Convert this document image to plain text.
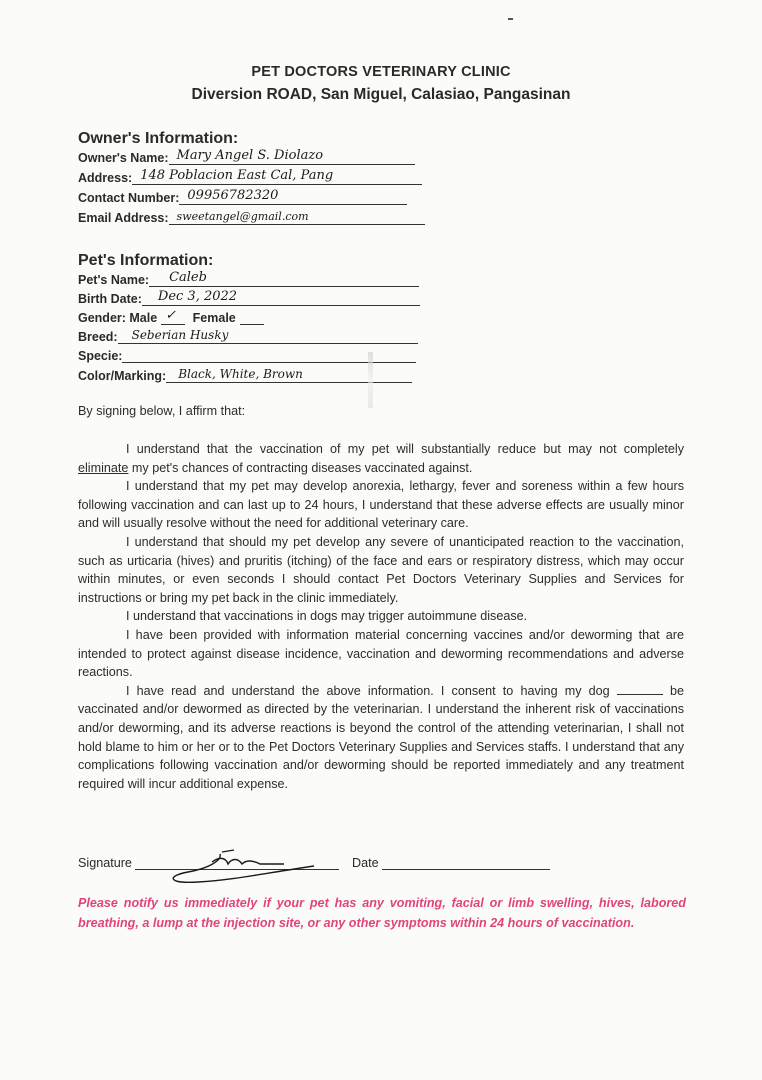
PET DOCTORS VETERINARY CLINIC
Diversion ROAD, San Miguel, Calasiao, Pangasinan
Owner's Information:
Owner's Name: Mary Angel S. Diolazo
Address: 148 Poblacion East Cal, Pang
Contact Number: 09956782320
Email Address: sweetangel@gmail.com
Pet's Information:
Pet's Name: Caleb
Birth Date: Dec 3, 2022
Gender: Male ✓ Female
Breed: Seberian Husky
Specie:
Color/Marking: Black, White, Brown

By signing below, I affirm that:

I understand that the vaccination of my pet will substantially reduce but may not completely eliminate my pet's chances of contracting diseases vaccinated against.

I understand that my pet may develop anorexia, lethargy, fever and soreness within a few hours following vaccination and can last up to 24 hours, I understand that these adverse effects are usually minor and will usually resolve without the need for additional veterinary care.

I understand that should my pet develop any severe of unanticipated reaction to the vaccination, such as urticaria (hives) and pruritis (itching) of the face and ears or respiratory distress, which may occur within minutes, or even seconds I should contact Pet Doctors Veterinary Supplies and Services for instructions or bring my pet back in the clinic immediately.

I understand that vaccinations in dogs may trigger autoimmune disease.

I have been provided with information material concerning vaccines and/or deworming that are intended to protect against disease incidence, vaccination and deworming recommendations and adverse reactions.

I have read and understand the above information. I consent to having my dog	be vaccinated and/or dewormed as directed by the veterinarian. I understand the inherent risk of vaccinations and/or deworming, and its adverse reactions is beyond the control of the attending veterinarian, I shall not hold blame to him or her or to the Pet Doctors Veterinary Supplies and Services staffs. I understand that any complications following vaccination and/or deworming should be reported immediately and any treatment required will incur additional expense.

Signature	Date
Please notify us immediately if your pet has any vomiting, facial or limb swelling, hives, labored breathing, a lump at the injection site, or any other symptoms within 24 hours of vaccination.
